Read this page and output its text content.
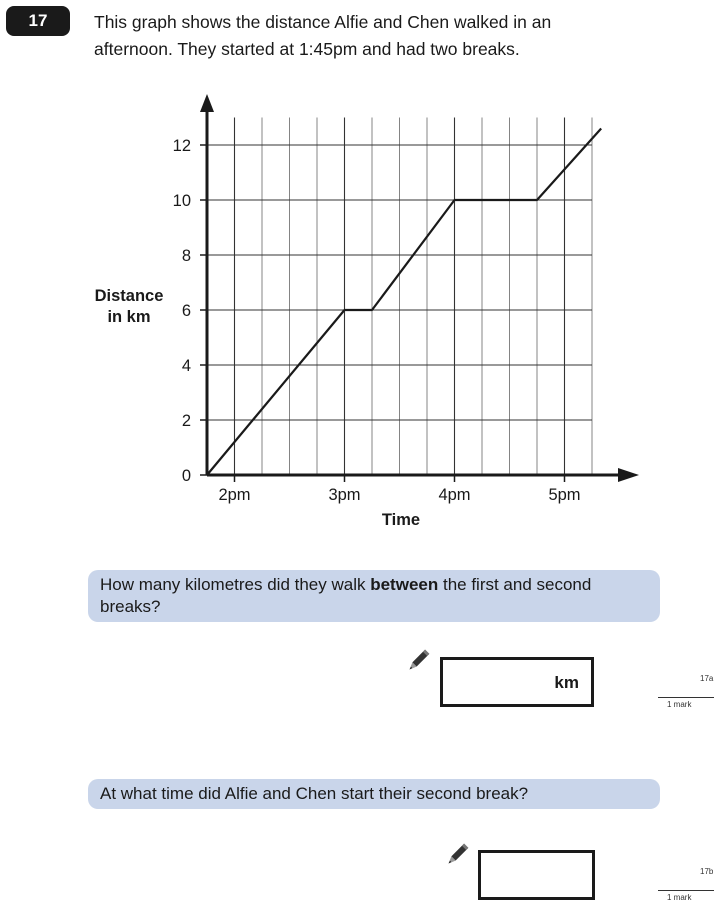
17	This graph shows the distance Alfie and Chen walked in an
afternoon. They started at 1:45pm and had two breaks.
0
2
4
6
8
10
12
2pm	3pm	4pm	5pm
Time
Distance
in km
How many kilometres did they walk between the first and second breaks?
km	17a
1 mark
At what time did Alfie and Chen start their second break?
17b
1 mark
